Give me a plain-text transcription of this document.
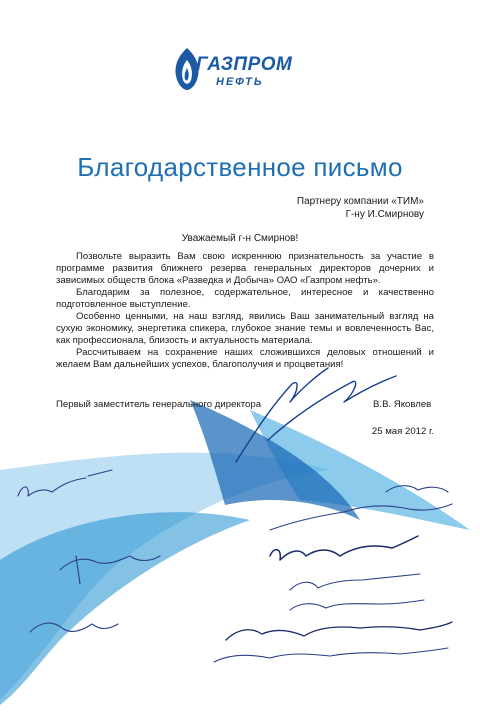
ГАЗПРОМ
НЕФТЬ
Благодарственное письмо
Партнеру компании «ТИМ»
Г-ну И.Смирнову
Уважаемый г-н Смирнов!

Позвольте выразить Вам свою искреннюю признательность за участие в программе развития ближнего резерва генеральных директоров дочерних и зависимых обществ блока «Разведка и Добыча» ОАО «Газпром нефть».

Благодарим за полезное, содержательное, интересное и качественно подготовленное выступление.

Особенно ценными, на наш взгляд, явились Ваш занимательный взгляд на сухую экономику, энергетика спикера, глубокое знание темы и вовлеченность Вас, как профессионала, близость и актуальность материала.

Рассчитываем на сохранение наших сложившихся деловых отношений и желаем Вам дальнейших успехов, благополучия и процветания!

Первый заместитель генерального директора	В.В. Яковлев
25 мая 2012 г.
